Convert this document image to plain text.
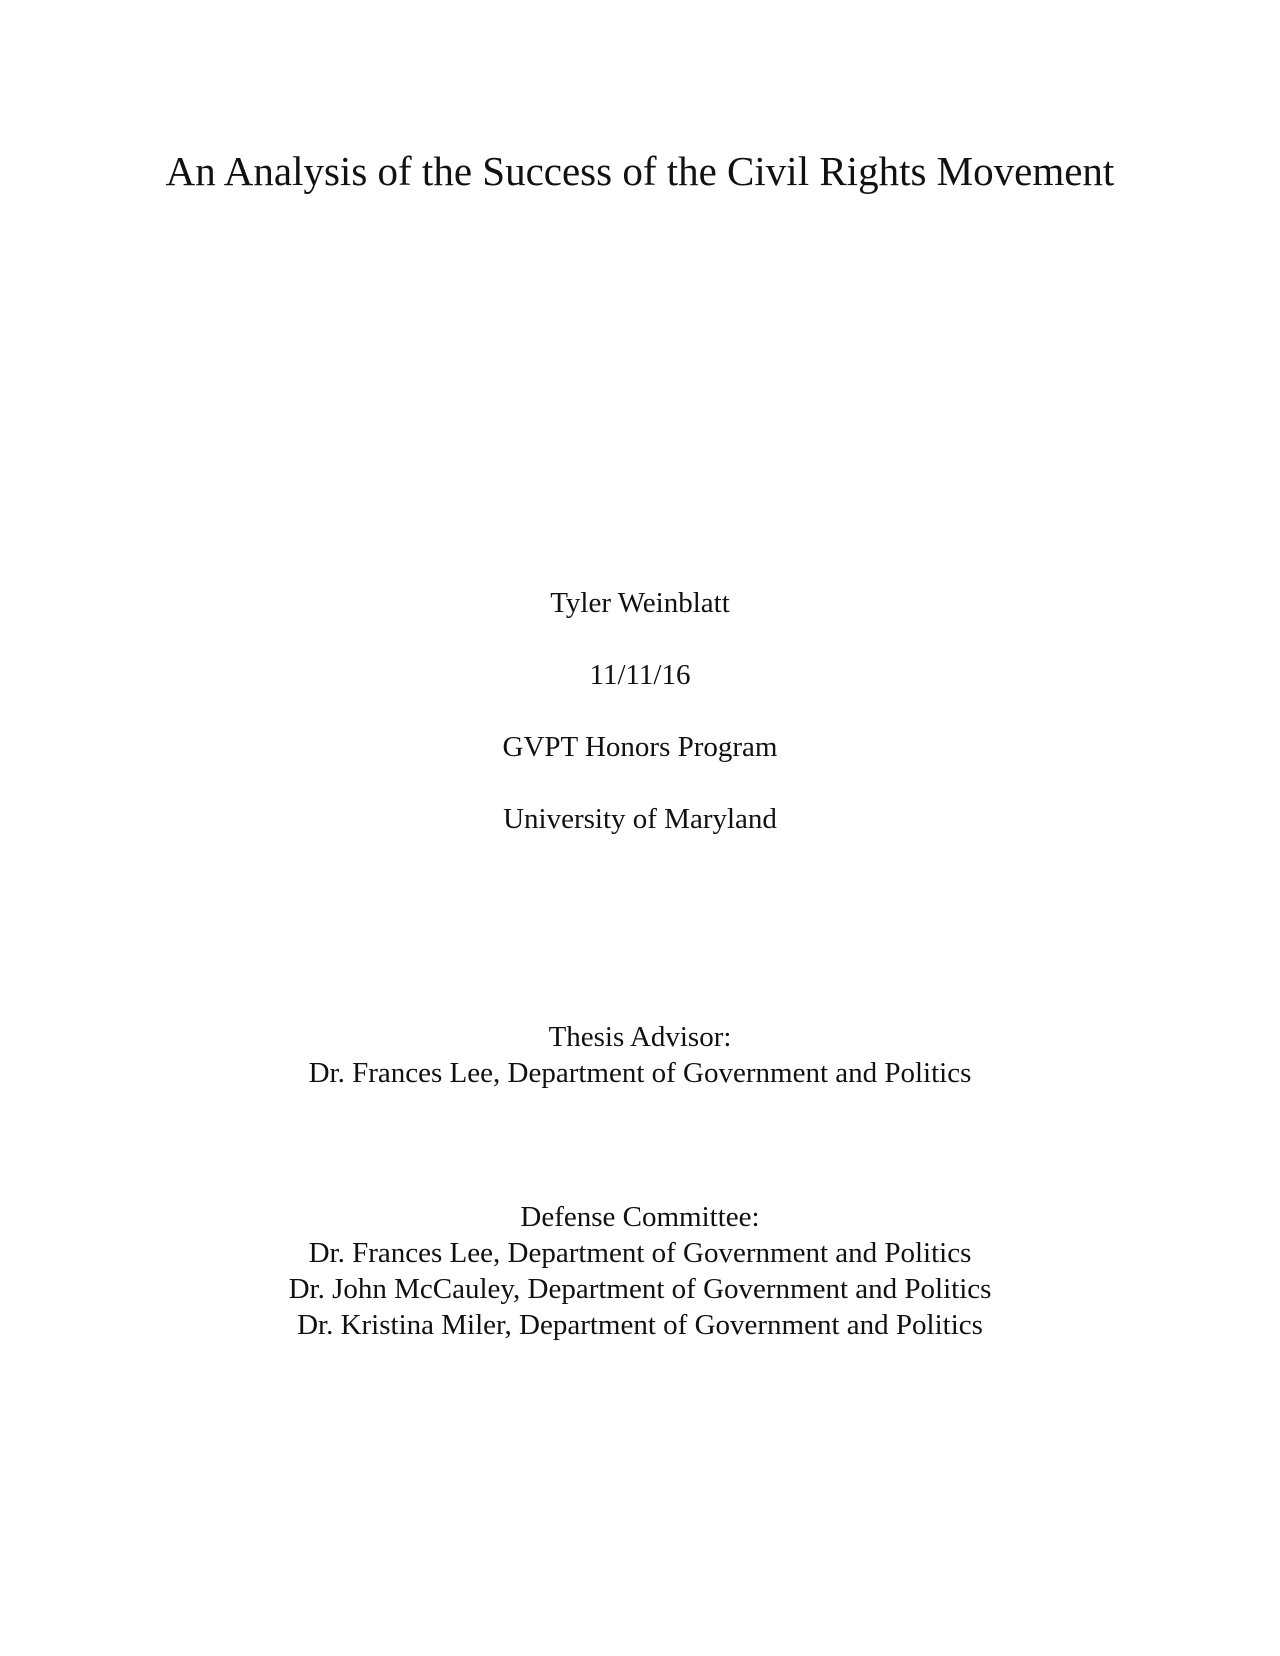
An Analysis of the Success of the Civil Rights Movement
Tyler Weinblatt
11/11/16
GVPT Honors Program
University of Maryland
Thesis Advisor:
Dr. Frances Lee, Department of Government and Politics
Defense Committee:
Dr. Frances Lee, Department of Government and Politics
Dr. John McCauley, Department of Government and Politics
Dr. Kristina Miler, Department of Government and Politics
